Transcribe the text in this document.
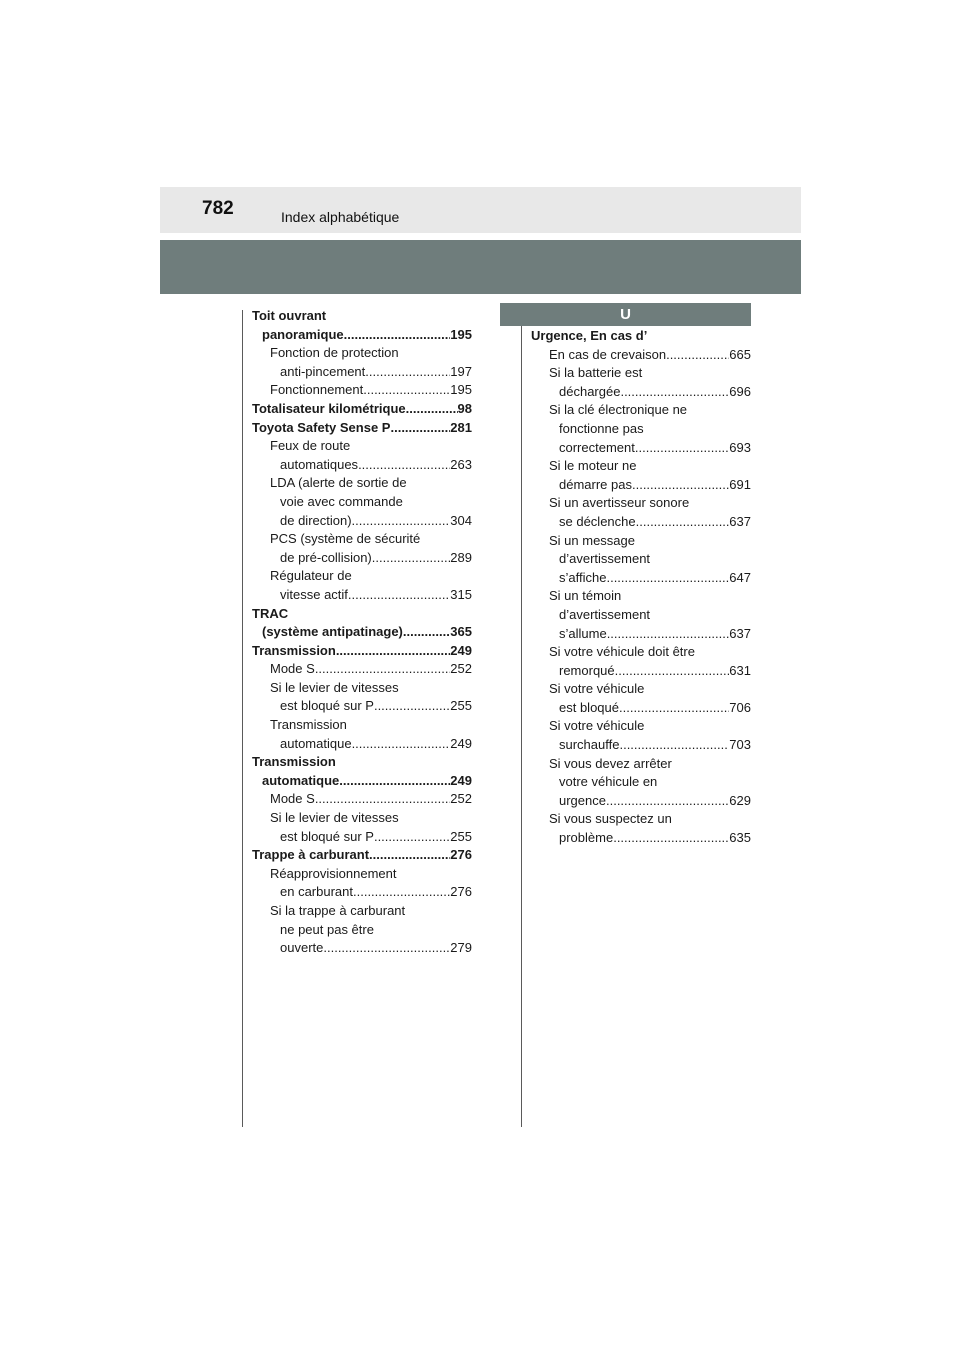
782	Index alphabétique
U
Toit ouvrant
panoramique .....	195
Fonction de protection
anti-pincement .....	197
Fonctionnement .....	195
Totalisateur kilométrique .....	98
Toyota Safety Sense P .....	281
Feux de route
automatiques .....	263
LDA (alerte de sortie de
voie avec commande
de direction) .....	304
PCS (système de sécurité
de pré-collision) .....	289
Régulateur de
vitesse actif .....	315
TRAC
(système antipatinage) .....	365
Transmission .....	249
Mode S .....	252
Si le levier de vitesses
est bloqué sur P .....	255
Transmission
automatique .....	249
Transmission
automatique .....	249
Mode S .....	252
Si le levier de vitesses
est bloqué sur P .....	255
Trappe à carburant .....	276
Réapprovisionnement
en carburant .....	276
Si la trappe à carburant
ne peut pas être
ouverte .....	279
Urgence, En cas d’
En cas de crevaison .....	665
Si la batterie est
déchargée .....	696
Si la clé électronique ne
fonctionne pas
correctement .....	693
Si le moteur ne
démarre pas .....	691
Si un avertisseur sonore
se déclenche .....	637
Si un message
d’avertissement
s’affiche .....	647
Si un témoin
d’avertissement
s’allume .....	637
Si votre véhicule doit être
remorqué .....	631
Si votre véhicule
est bloqué .....	706
Si votre véhicule
surchauffe .....	703
Si vous devez arrêter
votre véhicule en
urgence .....	629
Si vous suspectez un
problème .....	635
